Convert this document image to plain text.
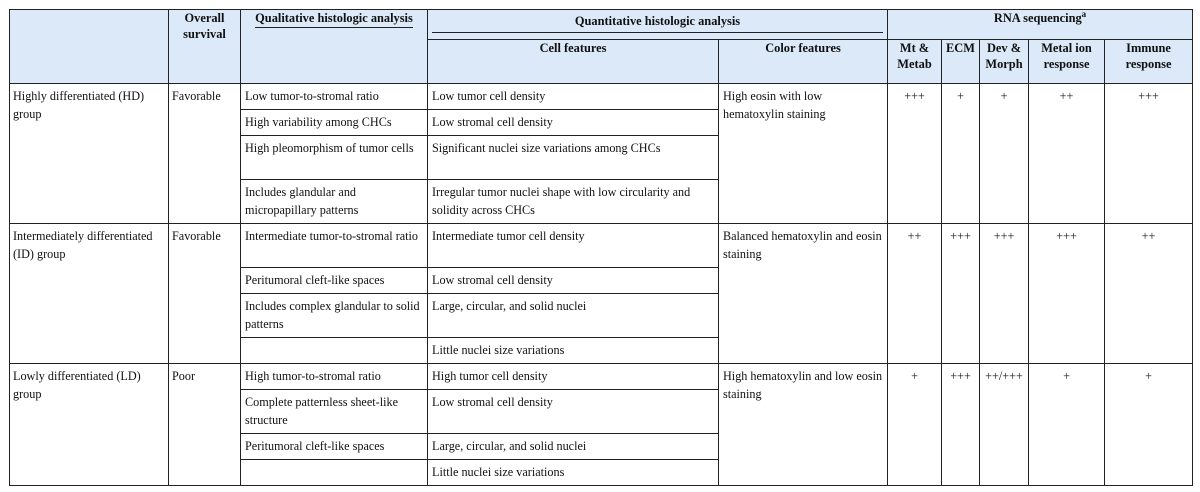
	Overall survival	Qualitative histologic analysis	Quantitative histologic analysis		RNA sequencing$^a$
			Cell features	Color features	Mt & Metab	ECM	Dev & Morph	Metal ion response	Immune response
Highly differentiated (HD) group	Favorable	Low tumor-to-stromal ratio	Low tumor cell density	High eosin with low hematoxylin staining	+++	+	+	++	+++
		High variability among CHCs	Low stromal cell density						
		High pleomorphism of tumor cells	Significant nuclei size variations among CHCs						
		Includes glandular and micropapillary patterns	Irregular tumor nuclei shape with low circularity and solidity across CHCs						
Intermediately differentiated (ID) group	Favorable	Intermediate tumor-to-stromal ratio	Intermediate tumor cell density	Balanced hematoxylin and eosin staining	++	+++	+++	+++	++
		Peritumoral cleft-like spaces	Low stromal cell density						
		Includes complex glandular to solid patterns	Large, circular, and solid nuclei						
			Little nuclei size variations						
Lowly differentiated (LD) group	Poor	High tumor-to-stromal ratio	High tumor cell density	High hematoxylin and low eosin staining	+	+++	++/+++	+	+
		Complete patternless sheet-like structure	Low stromal cell density						
		Peritumoral cleft-like spaces	Large, circular, and solid nuclei						
			Little nuclei size variations						
